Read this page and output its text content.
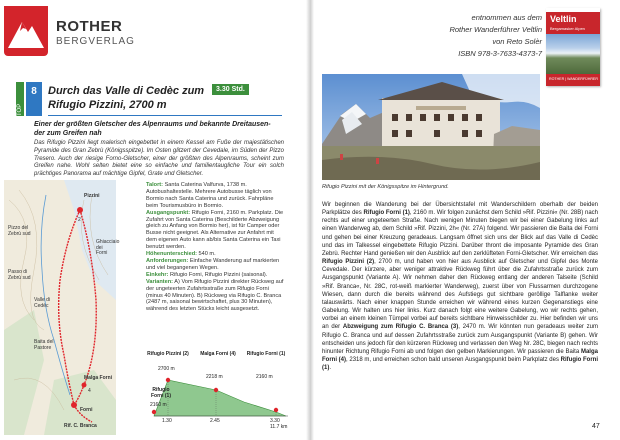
ROTHER
BERGVERLAG
TOP
8	Durch das Valle di Cedèc zum
Rifugio Pizzini, 2700 m
3.30 Std.
Einer der größten Gletscher des Alpenraums und bekannte Dreitausen-
der zum Greifen nah
Das Rifugio Pizzini liegt malerisch eingebettet in einem Kessel am Fuße der majestätischen Pyramide des Gran Zebrù (Königsspitze). Im Osten glitzert der Cevedale, im Süden der Pizzo Tresero. Auch der riesige Forno-Gletscher, einer der größten des Alpenraums, scheint zum Greifen nahe. Wohl selten bietet eine so einfache und familientaugliche Tour ein solch prächtiges Panorama auf mächtige Gipfel, Grate und Gletscher.
Pizzini
2
Forni
Pizzo del Zebrù sud
Valle di Cedèc
Malga Forni
4
Rif. C. Branca
Baita del Pastore
Passo di Zebrù sud
Ghiacciaio dei Forni

Talort: Santa Caterina Valfurva, 1738 m. Autobushaltestelle. Mehrere Autobusse täglich von Bormio nach Santa Caterina und zurück. Fahrpläne beim Tourismusbüro in Bormio.

Ausgangspunkt: Rifugio Forni, 2160 m. Parkplatz. Die Zufahrt von Santa Caterina (Beschilderte Abzweigung gleich zu Anfang von Bormio her), ist für Camper oder Busse nicht geeignet. Als Alternative zur Anfahrt mit dem eigenen Auto kann ab/bis Santa Caterina ein Taxi benutzt werden.

Höhenunterschied: 540 m.

Anforderungen: Einfache Wanderung auf markierten und viel begangenen Wegen.

Einkehr: Rifugio Forni, Rifugio Pizzini (saisonal).

Varianten: A) Vom Rifugio Pizzini direkter Rückweg auf der ungeteerten Zufahrtsstraße zum Rifugio Forni (minus 40 Minuten). B) Rückweg via Rifugio C. Branca (2487 m, saisonal bewirtschaftet, plus 30 Minuten), während des letzten Stücks leicht ausgesetzt.

Rifugio Pizzini (2)
2700 m
Malga Forni (4)
2218 m
Rifugio Forni (1)
2160 m
Rifugio Forni (1)
2160 m
1.30	2.45	3.30
11.7 km
entnommen aus dem
Rother Wanderführer Veltlin
von Reto Solèr
ISBN 978-3-7633-4373-7
Veltlin
Bergamasker Alpen
ROTHER | WANDERFÜHRER
Rifugio Pizzini mit der Königsspitze im Hintergrund.
Wir beginnen die Wanderung bei der Übersichtstafel mit Wanderschildern oberhalb der beiden Parkplätze des Rifugio Forni (1), 2160 m. Wir folgen zunächst dem Schild »Rif. Pizzini« (Nr. 28B) nach rechts auf einer ungeteerten Straße. Nach wenigen Minuten biegen wir bei einer Gabelung links auf einen Wanderweg ab, dem Schild »Rif. Pizzini, 2h« (Nr. 27A) folgend. Wir passieren die Baita dei Forni und gehen bei einer Kreuzung geradeaus. Langsam öffnet sich uns der Blick auf das Valle di Cedèc und das im Talkessel eingebettete Rifugio Pizzini. Darüber thront die imposante Pyramide des Gran Zebrù. Rechter Hand genießen wir den Ausblick auf den zerklüfteten Forni-Gletscher. Wir erreichen das Rifugio Pizzini (2), 2700 m, und haben von hier aus Ausblick auf Gletscher und Gipfel des Monte Cevedale. Der kürzere, aber weniger attraktive Rückweg führt über die Zufahrtsstraße zurück zum Ausgangspunkt (Variante A). Wir nehmen daher den Rückweg entlang der anderen Talseite (Schild »Rif. Branca«, Nr. 28C, rot-weiß markierter Wanderweg), zuerst über von Flussarmen durchzogene Wiesen, dann durch die bereits während des Aufstiegs gut sichtbare geröllige Talflanke weiter talauswärts. Nach einer knappen Stunde erreichen wir während eines kurzen Gegenanstiegs eine Gabelung. Wir halten uns hier links. Kurz danach folgt eine weitere Gabelung, wo wir rechts gehen, vorbei an einem kleinen Tümpel vorbei auf bereits sichtbare Hinweisschilder zu. Hier befinden wir uns an der Abzweigung zum Rifugio C. Branca (3), 2470 m. Wir könnten nun geradeaus weiter zum Rifugio C. Branca und auf dessen Zufahrtsstraße zurück zum Ausgangspunkt (Variante B) gehen. Wir entscheiden uns jedoch für den kürzeren Rückweg und verlassen den Weg Nr. 28C, biegen nach rechts hinunter Richtung Rifugio Forni ab und folgen den gelben Markierungen. Wir passieren die Baita Malga Forni (4), 2318 m, und erreichen schon bald unseren Ausgangspunkt beim Parkplatz des Rifugio Forni (1).
47
